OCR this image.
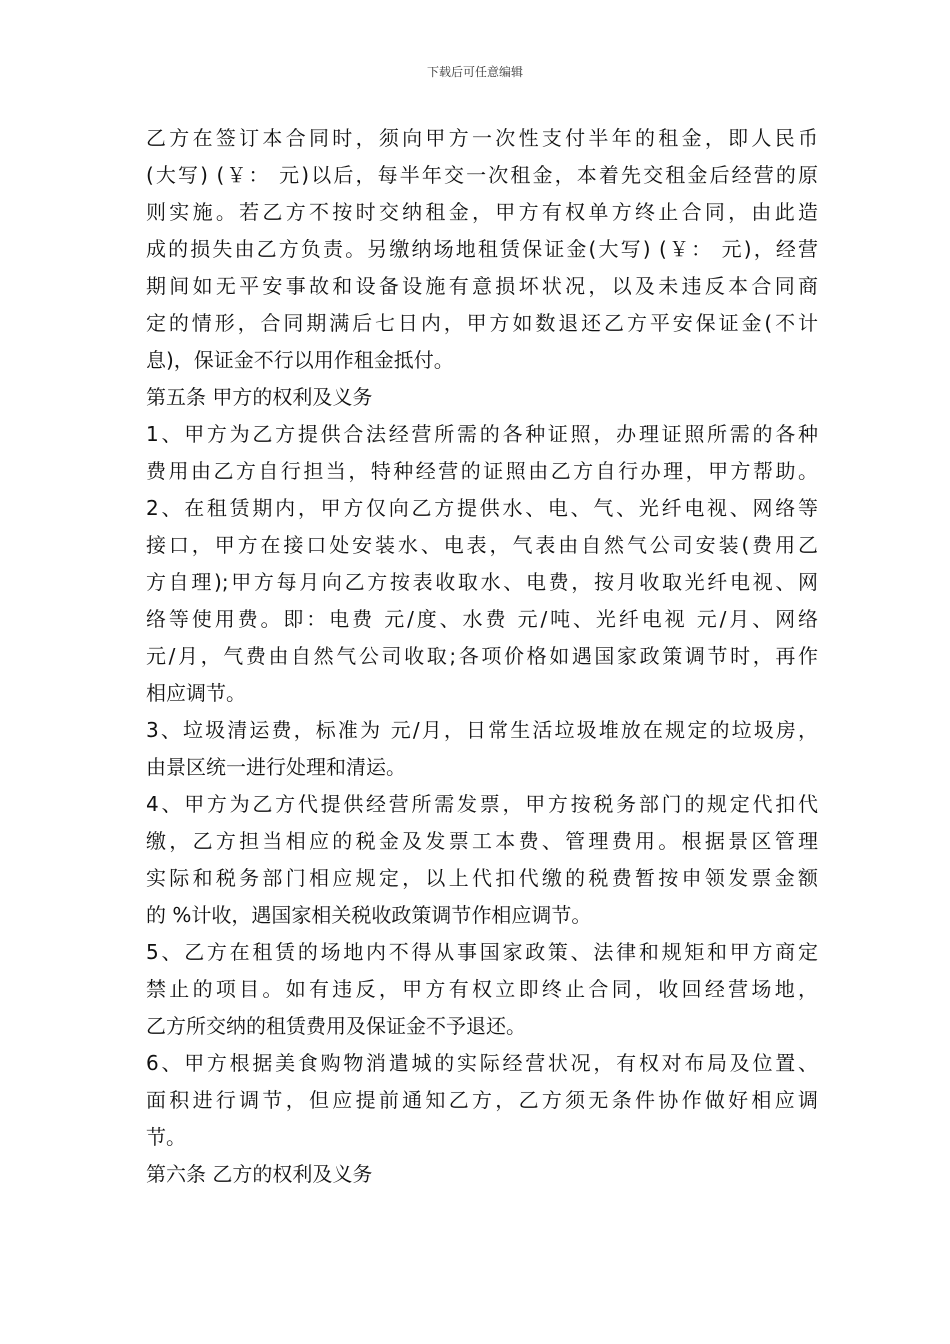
下载后可任意编辑
乙方在签订本合同时，须向甲方一次性支付半年的租金，即人民币
(大写) (￥： 元)以后，每半年交一次租金，本着先交租金后经营的原
则实施。若乙方不按时交纳租金，甲方有权单方终止合同，由此造
成的损失由乙方负责。另缴纳场地租赁保证金(大写) (￥： 元)，经营
期间如无平安事故和设备设施有意损坏状况，以及未违反本合同商
定的情形，合同期满后七日内，甲方如数退还乙方平安保证金(不计
息)，保证金不行以用作租金抵付。
第五条 甲方的权利及义务
1、甲方为乙方提供合法经营所需的各种证照，办理证照所需的各种
费用由乙方自行担当，特种经营的证照由乙方自行办理，甲方帮助。
2、在租赁期内，甲方仅向乙方提供水、电、气、光纤电视、网络等
接口，甲方在接口处安装水、电表，气表由自然气公司安装(费用乙
方自理);甲方每月向乙方按表收取水、电费，按月收取光纤电视、网
络等使用费。即：电费 元/度、水费 元/吨、光纤电视 元/月、网络
元/月，气费由自然气公司收取;各项价格如遇国家政策调节时，再作
相应调节。
3、垃圾清运费，标准为 元/月，日常生活垃圾堆放在规定的垃圾房，
由景区统一进行处理和清运。
4、甲方为乙方代提供经营所需发票，甲方按税务部门的规定代扣代
缴，乙方担当相应的税金及发票工本费、管理费用。根据景区管理
实际和税务部门相应规定，以上代扣代缴的税费暂按申领发票金额
的 %计收，遇国家相关税收政策调节作相应调节。
5、乙方在租赁的场地内不得从事国家政策、法律和规矩和甲方商定
禁止的项目。如有违反，甲方有权立即终止合同，收回经营场地，
乙方所交纳的租赁费用及保证金不予退还。
6、甲方根据美食购物消遣城的实际经营状况，有权对布局及位置、
面积进行调节，但应提前通知乙方，乙方须无条件协作做好相应调
节。
第六条 乙方的权利及义务
